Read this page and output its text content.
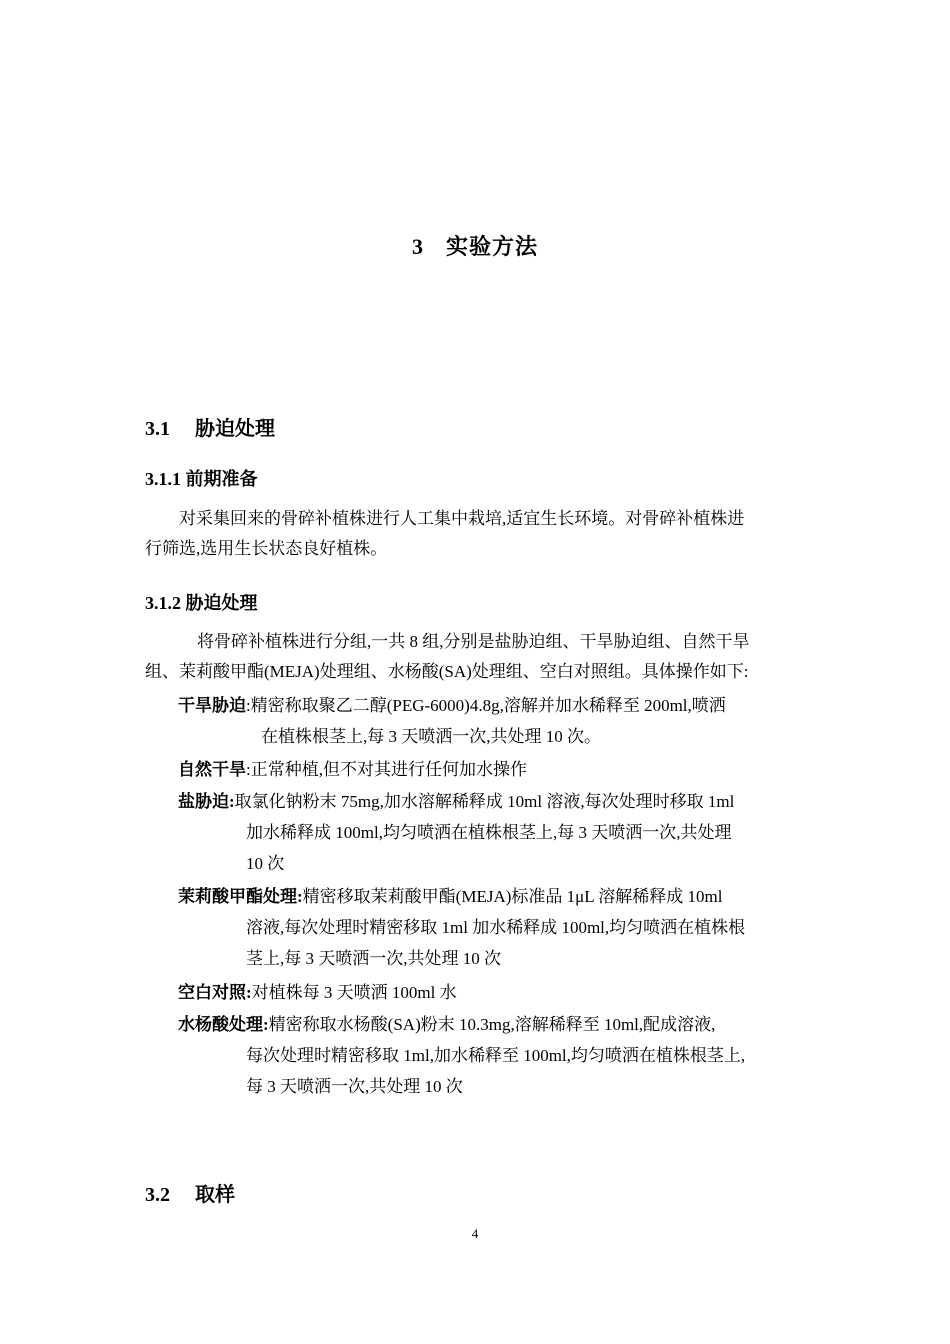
3 实验方法
3.1 胁迫处理
3.1.1 前期准备
对采集回来的骨碎补植株进行人工集中栽培,适宜生长环境。对骨碎补植株进
行筛选,选用生长状态良好植株。
3.1.2 胁迫处理
将骨碎补植株进行分组,一共 8 组,分别是盐胁迫组、干旱胁迫组、自然干旱
组、茉莉酸甲酯(MEJA)处理组、水杨酸(SA)处理组、空白对照组。具体操作如下:
干旱胁迫:精密称取聚乙二醇(PEG-6000)4.8g,溶解并加水稀释至 200ml,喷洒
在植株根茎上,每 3 天喷洒一次,共处理 10 次。
自然干旱:正常种植,但不对其进行任何加水操作
盐胁迫:取氯化钠粉末 75mg,加水溶解稀释成 10ml 溶液,每次处理时移取 1ml
加水稀释成 100ml,均匀喷洒在植株根茎上,每 3 天喷洒一次,共处理
10 次
茉莉酸甲酯处理:精密移取茉莉酸甲酯(MEJA)标准品 1μL 溶解稀释成 10ml
溶液,每次处理时精密移取 1ml 加水稀释成 100ml,均匀喷洒在植株根
茎上,每 3 天喷洒一次,共处理 10 次
空白对照:对植株每 3 天喷洒 100ml 水
水杨酸处理:精密称取水杨酸(SA)粉末 10.3mg,溶解稀释至 10ml,配成溶液,
每次处理时精密移取 1ml,加水稀释至 100ml,均匀喷洒在植株根茎上,
每 3 天喷洒一次,共处理 10 次
3.2 取样
4
